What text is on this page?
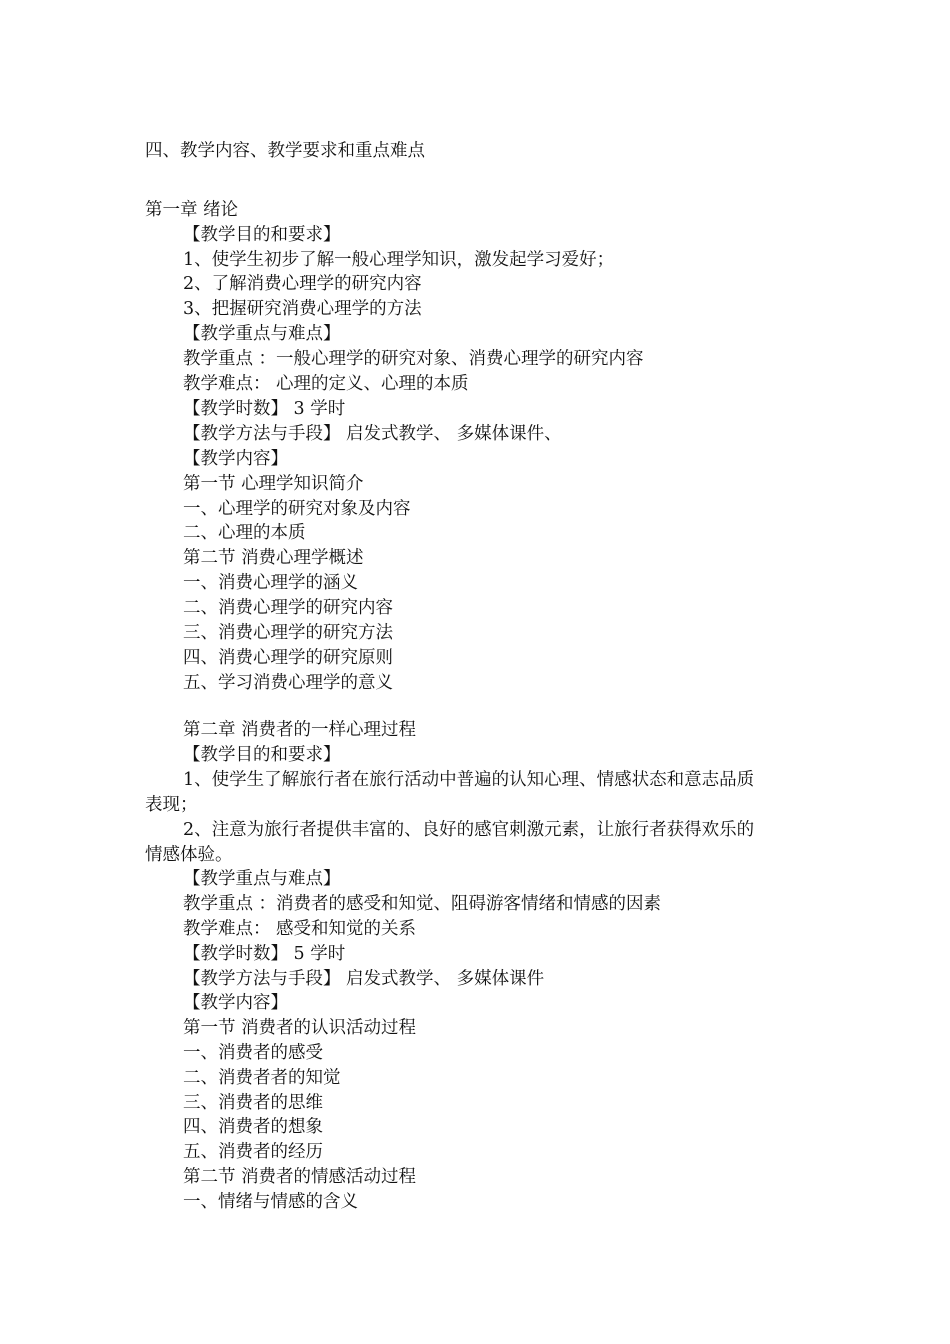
四、教学内容、教学要求和重点难点
第一章 绪论
【教学目的和要求】
1、使学生初步了解一般心理学知识，激发起学习爱好；
2、了解消费心理学的研究内容
3、把握研究消费心理学的方法
【教学重点与难点】
教学重点 ：一般心理学的研究对象、消费心理学的研究内容
教学难点： 心理的定义、心理的本质
【教学时数】 3 学时
【教学方法与手段】 启发式教学、 多媒体课件、
【教学内容】
第一节 心理学知识简介
一、心理学的研究对象及内容
二、心理的本质
第二节 消费心理学概述
一、消费心理学的涵义
二、消费心理学的研究内容
三、消费心理学的研究方法
四、消费心理学的研究原则
五、学习消费心理学的意义
第二章 消费者的一样心理过程
【教学目的和要求】
1、使学生了解旅行者在旅行活动中普遍的认知心理、情感状态和意志品质
表现；
2、注意为旅行者提供丰富的、良好的感官刺激元素，让旅行者获得欢乐的
情感体验。
【教学重点与难点】
教学重点 ：消费者的感受和知觉、阻碍游客情绪和情感的因素
教学难点： 感受和知觉的关系
【教学时数】 5 学时
【教学方法与手段】 启发式教学、 多媒体课件
【教学内容】
第一节 消费者的认识活动过程
一、消费者的感受
二、消费者者的知觉
三、消费者的思维
四、消费者的想象
五、消费者的经历
第二节 消费者的情感活动过程
一、情绪与情感的含义
